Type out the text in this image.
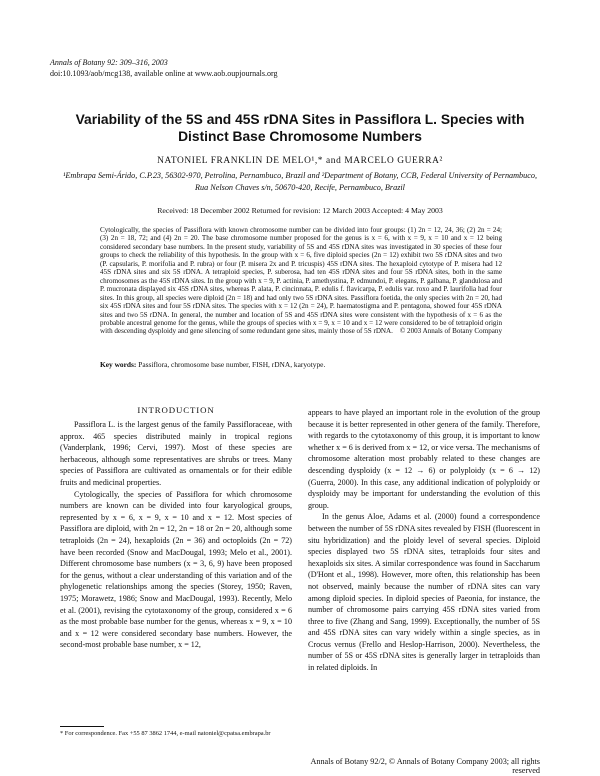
Annals of Botany 92: 309–316, 2003
doi:10.1093/aob/mcg138, available online at www.aob.oupjournals.org
Variability of the 5S and 45S rDNA Sites in Passiflora L. Species with Distinct Base Chromosome Numbers
NATONIEL FRANKLIN DE MELO¹,* and MARCELO GUERRA²
¹Embrapa Semi-Árido, C.P.23, 56302-970, Petrolina, Pernambuco, Brazil and ²Department of Botany, CCB, Federal University of Pernambuco, Rua Nelson Chaves s/n, 50670-420, Recife, Pernambuco, Brazil
Received: 18 December 2002 Returned for revision: 12 March 2003 Accepted: 4 May 2003
Cytologically, the species of Passiflora with known chromosome number can be divided into four groups: (1) 2n = 12, 24, 36; (2) 2n = 24; (3) 2n = 18, 72; and (4) 2n = 20. The base chromosome number proposed for the genus is x = 6, with x = 9, x = 10 and x = 12 being considered secondary base numbers. In the present study, variability of 5S and 45S rDNA sites was investigated in 30 species of these four groups to check the reliability of this hypothesis. In the group with x = 6, five diploid species (2n = 12) exhibit two 5S rDNA sites and two (P. capsularis, P. morifolia and P. rubra) or four (P. misera 2x and P. tricuspis) 45S rDNA sites. The hexaploid cytotype of P. misera had 12 45S rDNA sites and six 5S rDNA. A tetraploid species, P. suberosa, had ten 45S rDNA sites and four 5S rDNA sites, both in the same chromosomes as the 45S rDNA sites. In the group with x = 9, P. actinia, P. amethystina, P. edmundoi, P. elegans, P. galbana, P. glandulosa and P. mucronata displayed six 45S rDNA sites, whereas P. alata, P. cincinnata, P. edulis f. flavicarpa, P. edulis var. roxo and P. laurifolia had four sites. In this group, all species were diploid (2n = 18) and had only two 5S rDNA sites. Passiflora foetida, the only species with 2n = 20, had six 45S rDNA sites and four 5S rDNA sites. The species with x = 12 (2n = 24), P. haematostigma and P. pentagona, showed four 45S rDNA sites and two 5S rDNA. In general, the number and location of 5S and 45S rDNA sites were consistent with the hypothesis of x = 6 as the probable ancestral genome for the genus, while the groups of species with x = 9, x = 10 and x = 12 were considered to be of tetraploid origin with descending dysploidy and gene silencing of some redundant gene sites, mainly those of 5S rDNA. © 2003 Annals of Botany Company
Key words: Passiflora, chromosome base number, FISH, rDNA, karyotype.
INTRODUCTION

Passiflora L. is the largest genus of the family Passifloraceae, with approx. 465 species distributed mainly in tropical regions (Vanderplank, 1996; Cervi, 1997). Most of these species are herbaceous, although some representatives are shrubs or trees. Many species of Passiflora are cultivated as ornamentals or for their edible fruits and medicinal properties.

Cytologically, the species of Passiflora for which chromosome numbers are known can be divided into four karyological groups, represented by x = 6, x = 9, x = 10 and x = 12. Most species of Passiflora are diploid, with 2n = 12, 2n = 18 or 2n = 20, although some tetraploids (2n = 24), hexaploids (2n = 36) and octoploids (2n = 72) have been recorded (Snow and MacDougal, 1993; Melo et al., 2001). Different chromosome base numbers (x = 3, 6, 9) have been proposed for the genus, without a clear understanding of this variation and of the phylogenetic relationships among the species (Storey, 1950; Raven, 1975; Morawetz, 1986; Snow and MacDougal, 1993). Recently, Melo et al. (2001), revising the cytotaxonomy of the group, considered x = 6 as the most probable base number for the genus, whereas x = 9, x = 10 and x = 12 were considered secondary base numbers. However, the second-most probable base number, x = 12,

appears to have played an important role in the evolution of the group because it is better represented in other genera of the family. Therefore, with regards to the cytotaxonomy of this group, it is important to know whether x = 6 is derived from x = 12, or vice versa. The mechanisms of chromosome alteration most probably related to these changes are descending dysploidy (x = 12 → 6) or polyploidy (x = 6 → 12) (Guerra, 2000). In this case, any additional indication of polyploidy or dysploidy may be important for understanding the evolution of this group.

In the genus Aloe, Adams et al. (2000) found a correspondence between the number of 5S rDNA sites revealed by FISH (fluorescent in situ hybridization) and the ploidy level of several species. Diploid species displayed two 5S rDNA sites, tetraploids four sites and hexaploids six sites. A similar correspondence was found in Saccharum (D'Hont et al., 1998). However, more often, this relationship has been not observed, mainly because the number of rDNA sites can vary among diploid species. In diploid species of Paeonia, for instance, the number of chromosome pairs carrying 45S rDNA sites varied from three to five (Zhang and Sang, 1999). Exceptionally, the number of 5S and 45S rDNA sites can vary widely within a single species, as in Crocus vernus (Frello and Heslop-Harrison, 2000). Nevertheless, the number of 5S or 45S rDNA sites is generally larger in tetraploids than in related diploids. In

* For correspondence. Fax +55 87 3862 1744, e-mail natoniel@cpatsa.embrapa.br
Annals of Botany 92/2, © Annals of Botany Company 2003; all rights reserved
